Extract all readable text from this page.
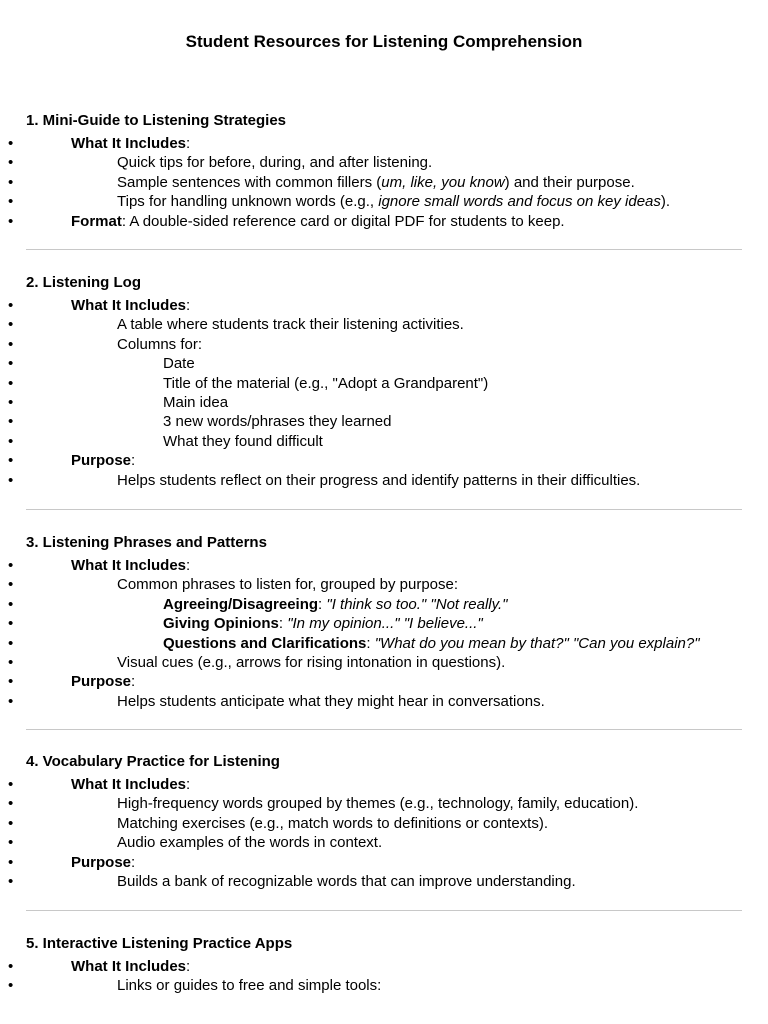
Student Resources for Listening Comprehension
1. Mini-Guide to Listening Strategies
• What It Includes:
• Quick tips for before, during, and after listening.
• Sample sentences with common fillers (um, like, you know) and their purpose.
• Tips for handling unknown words (e.g., ignore small words and focus on key ideas).
• Format: A double-sided reference card or digital PDF for students to keep.
2. Listening Log
• What It Includes:
• A table where students track their listening activities.
• Columns for:
• Date
• Title of the material (e.g., "Adopt a Grandparent")
• Main idea
• 3 new words/phrases they learned
• What they found difficult
• Purpose:
• Helps students reflect on their progress and identify patterns in their difficulties.
3. Listening Phrases and Patterns
• What It Includes:
• Common phrases to listen for, grouped by purpose:
• Agreeing/Disagreeing: "I think so too." "Not really."
• Giving Opinions: "In my opinion..." "I believe..."
• Questions and Clarifications: "What do you mean by that?" "Can you explain?"
• Visual cues (e.g., arrows for rising intonation in questions).
• Purpose:
• Helps students anticipate what they might hear in conversations.
4. Vocabulary Practice for Listening
• What It Includes:
• High-frequency words grouped by themes (e.g., technology, family, education).
• Matching exercises (e.g., match words to definitions or contexts).
• Audio examples of the words in context.
• Purpose:
• Builds a bank of recognizable words that can improve understanding.
5. Interactive Listening Practice Apps
• What It Includes:
• Links or guides to free and simple tools:
